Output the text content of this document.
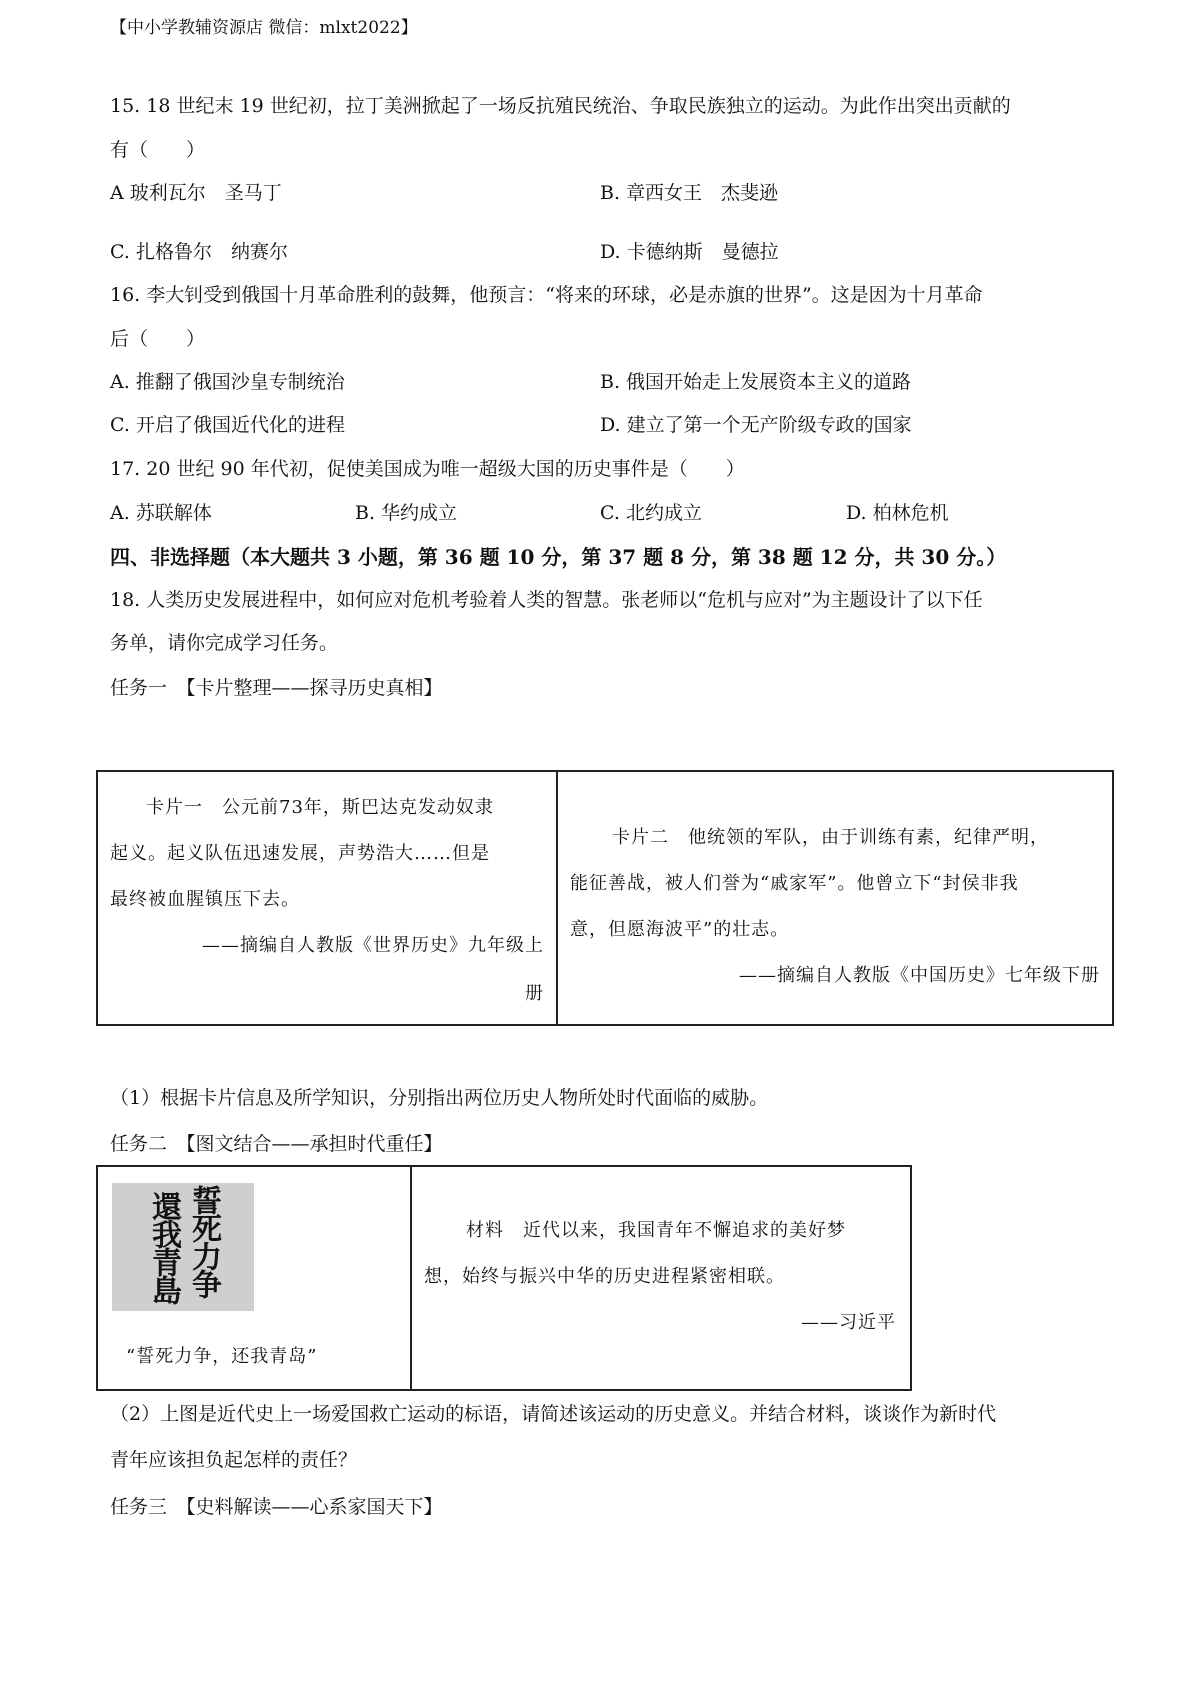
【中小学教辅资源店 微信：mlxt2022】
15. 18 世纪末 19 世纪初，拉丁美洲掀起了一场反抗殖民统治、争取民族独立的运动。为此作出突出贡献的
有（　　）
A 玻利瓦尔　圣马丁	B. 章西女王　杰斐逊
C. 扎格鲁尔　纳赛尔	D. 卡德纳斯　曼德拉
16. 李大钊受到俄国十月革命胜利的鼓舞，他预言：“将来的环球，必是赤旗的世界”。这是因为十月革命
后（　　）
A. 推翻了俄国沙皇专制统治	B. 俄国开始走上发展资本主义的道路
C. 开启了俄国近代化的进程	D. 建立了第一个无产阶级专政的国家
17. 20 世纪 90 年代初，促使美国成为唯一超级大国的历史事件是（　　）
A. 苏联解体	B. 华约成立	C. 北约成立	D. 柏林危机
四、非选择题（本大题共 3 小题，第 36 题 10 分，第 37 题 8 分，第 38 题 12 分，共 30 分。）
18. 人类历史发展进程中，如何应对危机考验着人类的智慧。张老师以“危机与应对”为主题设计了以下任
务单，请你完成学习任务。
任务一　【卡片整理——探寻历史真相】
卡片一　公元前73年，斯巴达克发动奴隶
起义。起义队伍迅速发展，声势浩大……但是
最终被血腥镇压下去。
——摘编自人教版《世界历史》九年级上
册
卡片二　他统领的军队，由于训练有素，纪律严明，
能征善战，被人们誉为“戚家军”。他曾立下“封侯非我
意，但愿海波平”的壮志。
——摘编自人教版《中国历史》七年级下册
（1）根据卡片信息及所学知识，分别指出两位历史人物所处时代面临的威胁。
任务二　【图文结合——承担时代重任】
誓死力争
還我青島
“誓死力争，还我青岛”
材料　近代以来，我国青年不懈追求的美好梦
想，始终与振兴中华的历史进程紧密相联。
——习近平
（2）上图是近代史上一场爱国救亡运动的标语，请简述该运动的历史意义。并结合材料，谈谈作为新时代
青年应该担负起怎样的责任？
任务三　【史料解读——心系家国天下】
